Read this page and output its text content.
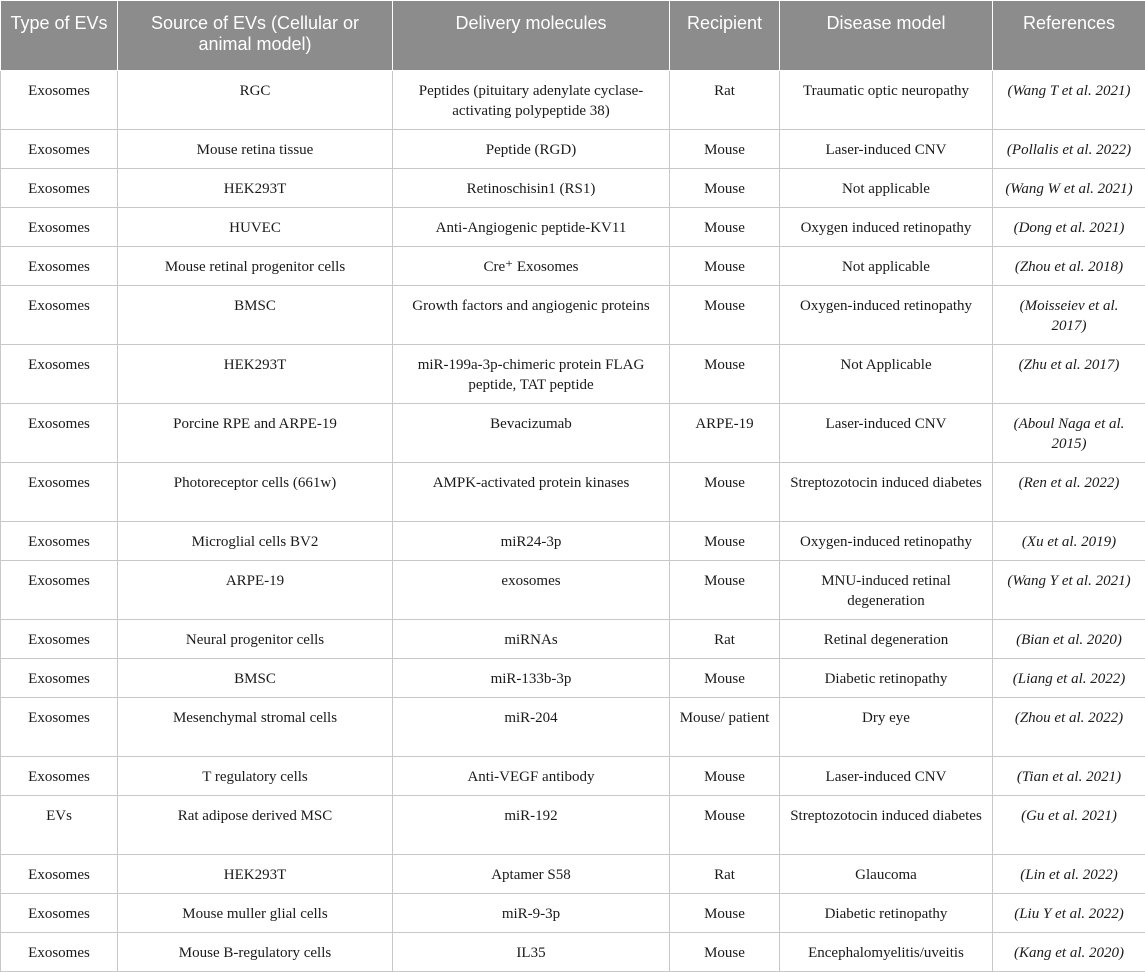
Type of EVs	Source of EVs (Cellular or animal model)	Delivery molecules	Recipient	Disease model	References
Exosomes	RGC	Peptides (pituitary adenylate cyclase-activating polypeptide 38)	Rat	Traumatic optic neuropathy	(Wang T et al. 2021)
Exosomes	Mouse retina tissue	Peptide (RGD)	Mouse	Laser-induced CNV	(Pollalis et al. 2022)
Exosomes	HEK293T	Retinoschisin1 (RS1)	Mouse	Not applicable	(Wang W et al. 2021)
Exosomes	HUVEC	Anti-Angiogenic peptide-KV11	Mouse	Oxygen induced retinopathy	(Dong et al. 2021)
Exosomes	Mouse retinal progenitor cells	Cre⁺ Exosomes	Mouse	Not applicable	(Zhou et al. 2018)
Exosomes	BMSC	Growth factors and angiogenic proteins	Mouse	Oxygen-induced retinopathy	(Moisseiev et al. 2017)
Exosomes	HEK293T	miR-199a-3p-chimeric protein FLAG peptide, TAT peptide	Mouse	Not Applicable	(Zhu et al. 2017)
Exosomes	Porcine RPE and ARPE-19	Bevacizumab	ARPE-19	Laser-induced CNV	(Aboul Naga et al. 2015)
Exosomes	Photoreceptor cells (661w)	AMPK-activated protein kinases	Mouse	Streptozotocin induced diabetes	(Ren et al. 2022)
Exosomes	Microglial cells BV2	miR24-3p	Mouse	Oxygen-induced retinopathy	(Xu et al. 2019)
Exosomes	ARPE-19	exosomes	Mouse	MNU-induced retinal degeneration	(Wang Y et al. 2021)
Exosomes	Neural progenitor cells	miRNAs	Rat	Retinal degeneration	(Bian et al. 2020)
Exosomes	BMSC	miR-133b-3p	Mouse	Diabetic retinopathy	(Liang et al. 2022)
Exosomes	Mesenchymal stromal cells	miR-204	Mouse/ patient	Dry eye	(Zhou et al. 2022)
Exosomes	T regulatory cells	Anti-VEGF antibody	Mouse	Laser-induced CNV	(Tian et al. 2021)
EVs	Rat adipose derived MSC	miR-192	Mouse	Streptozotocin induced diabetes	(Gu et al. 2021)
Exosomes	HEK293T	Aptamer S58	Rat	Glaucoma	(Lin et al. 2022)
Exosomes	Mouse muller glial cells	miR-9-3p	Mouse	Diabetic retinopathy	(Liu Y et al. 2022)
Exosomes	Mouse B-regulatory cells	IL35	Mouse	Encephalomyelitis/uveitis	(Kang et al. 2020)
